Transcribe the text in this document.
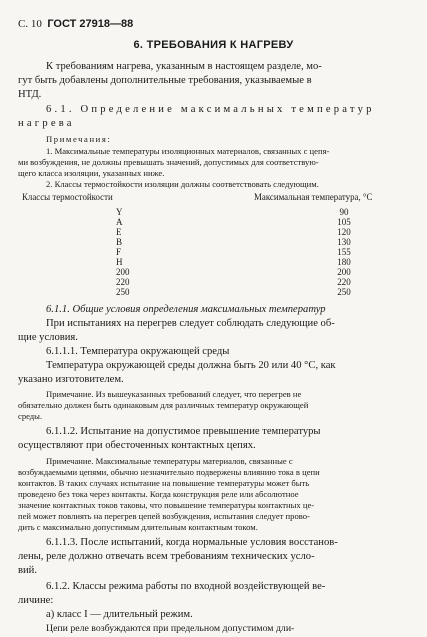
С. 10 ГОСТ 27918—88
6. ТРЕБОВАНИЯ К НАГРЕВУ
К требованиям нагрева, указанным в настоящем разделе, мо-
гут быть добавлены дополнительные требования, указываемые в
НТД.
6.1. Определение максимальных температур
нагрева
Примечания:
1. Максимальные температуры изоляционных материалов, связанных с цепя-
ми возбуждения, не должны превышать значений, допустимых для соответствую-
щего класса изоляции, указанных ниже.
2. Классы термостойкости изоляции должны соответствовать следующим.
Классы термостойкости	Максимальная температура, °С
Y	90
A	105
E	120
B	130
F	155
H	180
200	200
220	220
250	250
6.1.1. Общие условия определения максимальных температур
При испытаниях на перегрев следует соблюдать следующие об-
щие условия.
6.1.1.1. Температура окружающей среды
Температура окружающей среды должна быть 20 или 40 °С, как
указано изготовителем.
Примечание. Из вышеуказанных требований следует, что перегрев не
обязательно должен быть одинаковым для различных температур окружающей
среды.
6.1.1.2. Испытание на допустимое превышение температуры
осуществляют при обесточенных контактных цепях.
Примечание. Максимальные температуры материалов, связанные с
возбуждаемыми цепями, обычно незначительно подвержены влиянию тока в цепи
контактов. В таких случаях испытание на повышение температуры может быть
проведено без тока через контакты. Когда конструкция реле или абсолютное
значение контактных токов таковы, что повышение температуры контактных це-
пей может повлиять на перегрев цепей возбуждения, испытания следует прово-
дить с максимально допустимым длительным контактным током.
6.1.1.3. После испытаний, когда нормальные условия восстанов-
лены, реле должно отвечать всем требованиям технических усло-
вий.
6.1.2. Классы режима работы по входной воздействующей ве-
личине:
а) класс I — длительный режим.
Цепи реле возбуждаются при предельном допустимом дли-
